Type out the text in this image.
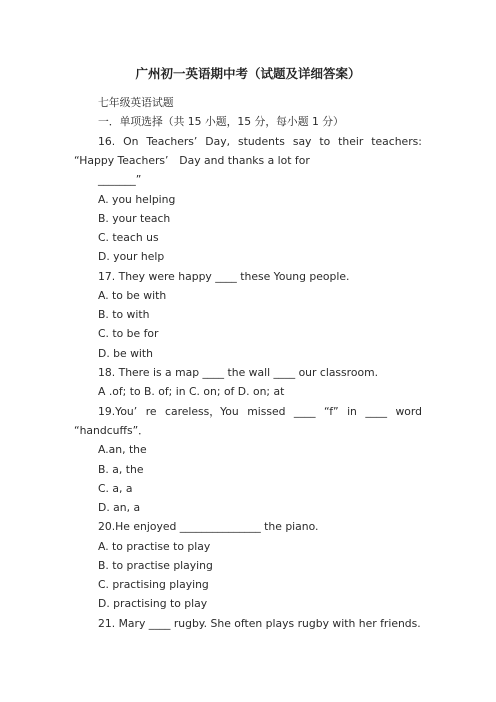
广州初一英语期中考（试题及详细答案）
七年级英语试题
一．单项选择（共 15 小题，15 分，每小题 1 分）
16. On Teachers’ Day, students say to their teachers:
“Happy Teachers’　Day and thanks a lot for
_______”
A. you helping
B. your teach
C. teach us
D. your help
17. They were happy ____ these Young people.
A. to be with
B. to with
C. to be for
D. be with
18. There is a map ____ the wall ____ our classroom.
A .of; to B. of; in C. on; of D. on; at
19.You’ re careless，You missed ____ “f” in ____ word
“handcuffs”．
A.an, the
B. a, the
C. a, a
D. an, a
20.He enjoyed _______________ the piano.
A. to practise to play
B. to practise playing
C. practising playing
D. practising to play
21. Mary ____ rugby. She often plays rugby with her friends.
